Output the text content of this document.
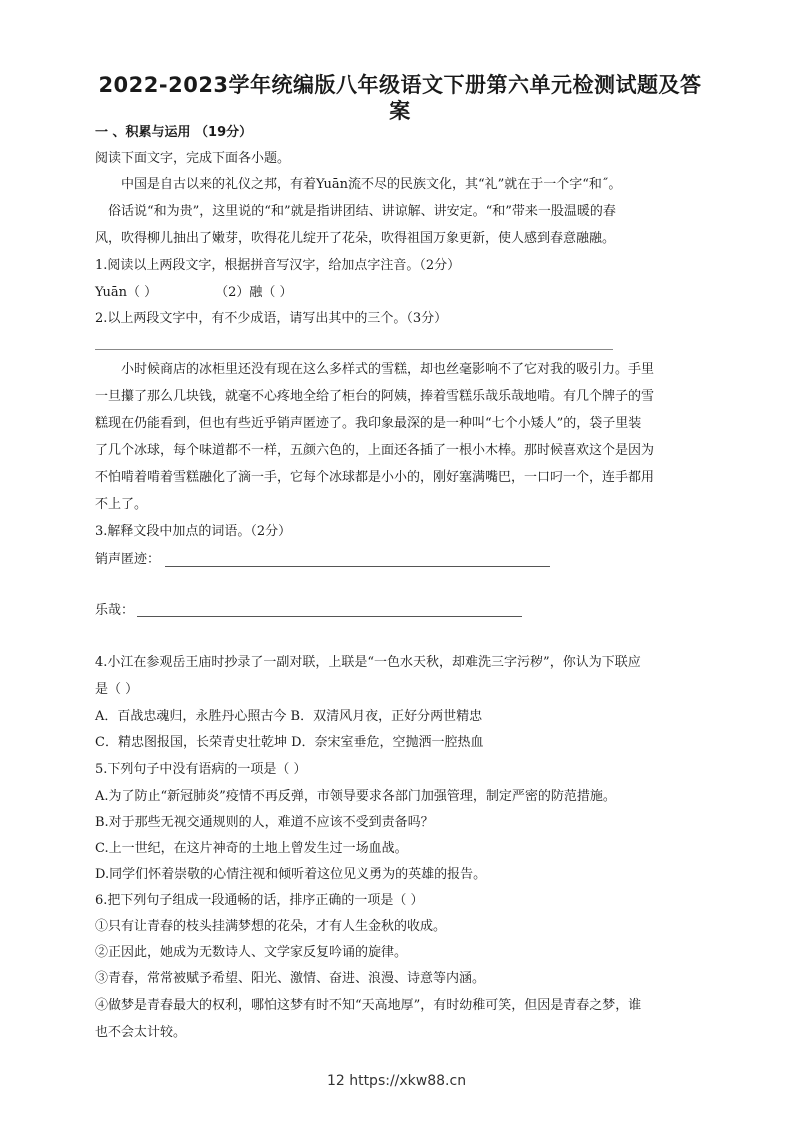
2022-2023学年统编版八年级语文下册第六单元检测试题及答
案
一 、积累与运用 （19分）
阅读下面文字，完成下面各小题。
中国是自古以来的礼仪之邦，有着Yuān流不尽的民族文化，其“礼”就在于一个字“和˝。
俗话说“和为贵”，这里说的“和”就是指讲团结、讲谅解、讲安定。“和”带来一股温暖的春
风，吹得柳儿抽出了嫩芽，吹得花儿绽开了花朵，吹得祖国万象更新，使人感到春意融融。
1.阅读以上两段文字，根据拼音写汉字，给加点字注音。（2分）
Yuān（ ）	（2）融（ ）
2.以上两段文字中，有不少成语，请写出其中的三个。（3分）
小时候商店的冰柜里还没有现在这么多样式的雪糕，却也丝毫影响不了它对我的吸引力。手里
一旦攥了那么几块钱，就毫不心疼地全给了柜台的阿姨，捧着雪糕乐哉乐哉地啃。有几个牌子的雪
糕现在仍能看到，但也有些近乎销声匿迹了。我印象最深的是一种叫“七个小矮人”的，袋子里装
了几个冰球，每个味道都不一样，五颜六色的，上面还各插了一根小木棒。那时候喜欢这个是因为
不怕啃着啃着雪糕融化了滴一手，它每个冰球都是小小的，刚好塞满嘴巴，一口叼一个，连手都用
不上了。
3.解释文段中加点的词语。（2分）
销声匿迹：
乐哉：
4.小江在参观岳王庙时抄录了一副对联，上联是“一色水天秋，却难洗三字污秽”，你认为下联应
是（ ）
A．百战忠魂归，永胜丹心照古今 B．双清风月夜，正好分两世精忠
C．精忠图报国，长荣青史壮乾坤 D．奈宋室垂危，空抛洒一腔热血
5.下列句子中没有语病的一项是（ ）
A.为了防止“新冠肺炎”疫情不再反弹，市领导要求各部门加强管理，制定严密的防范措施。
B.对于那些无视交通规则的人，难道不应该不受到责备吗？
C.上一世纪，在这片神奇的土地上曾发生过一场血战。
D.同学们怀着崇敬的心情注视和倾听着这位见义勇为的英雄的报告。
6.把下列句子组成一段通畅的话，排序正确的一项是（ ）
①只有让青春的枝头挂满梦想的花朵，才有人生金秋的收成。
②正因此，她成为无数诗人、文学家反复吟诵的旋律。
③青春，常常被赋予希望、阳光、激情、奋进、浪漫、诗意等内涵。
④做梦是青春最大的权利，哪怕这梦有时不知“天高地厚”，有时幼稚可笑，但因是青春之梦，谁
也不会太计较。
12 https://xkw88.cn
